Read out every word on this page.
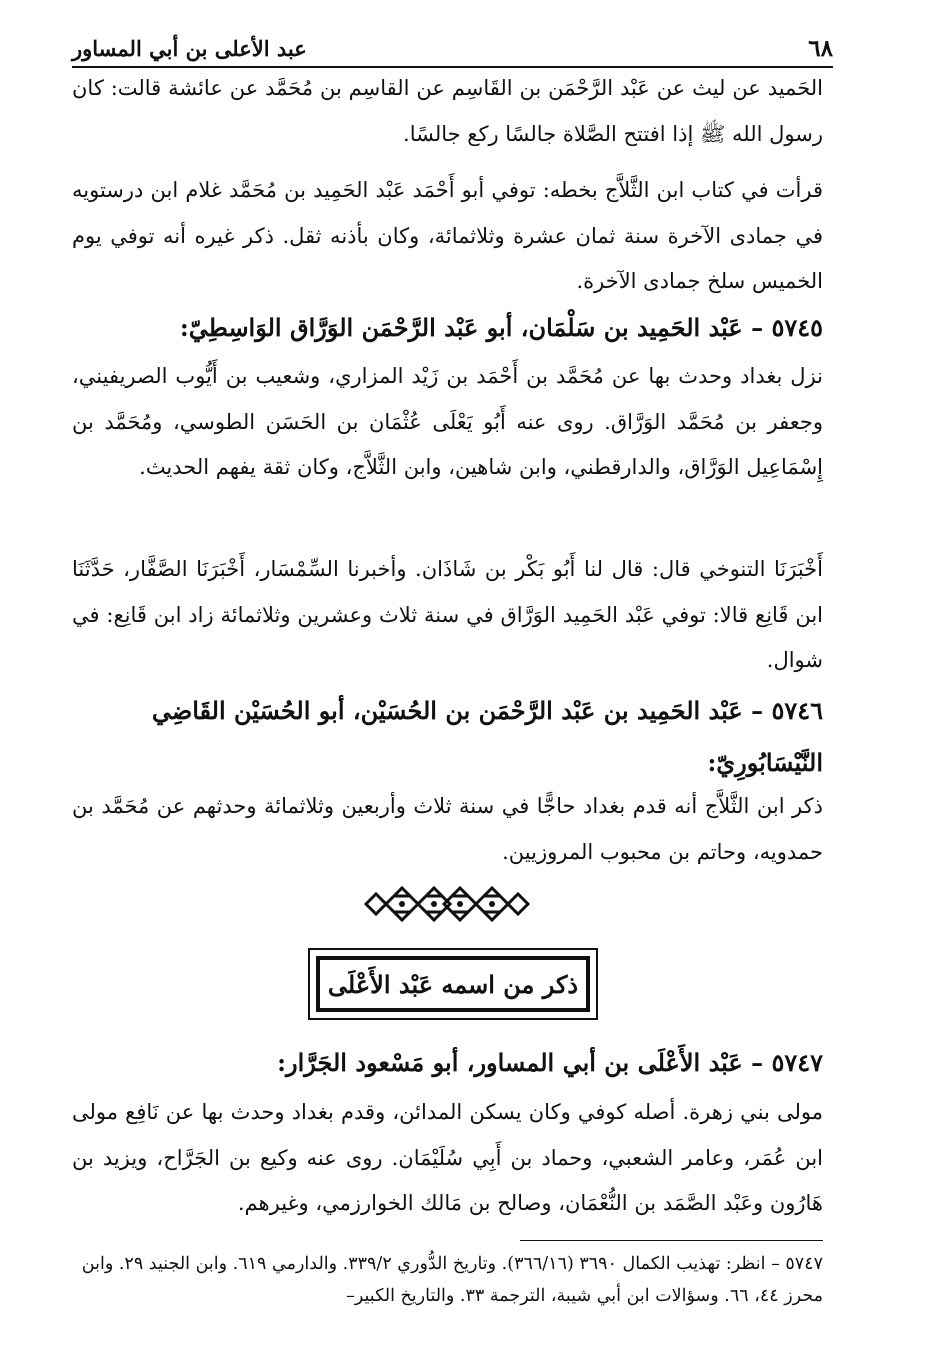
٦٨
عبد الأعلى بن أبي المساور

الحَميد عن ليث عن عَبْد الرَّحْمَن بن القَاسِم عن القاسِم بن مُحَمَّد عن عائشة قالت: كان رسول الله ﷺ إذا افتتح الصَّلاة جالسًا ركع جالسًا.

قرأت في كتاب ابن الثَّلاَّج بخطه: توفي أبو أَحْمَد عَبْد الحَمِيد بن مُحَمَّد غلام ابن درستويه في جمادى الآخرة سنة ثمان عشرة وثلاثمائة، وكان بأذنه ثقل. ذكر غيره أنه توفي يوم الخميس سلخ جمادى الآخرة.

٥٧٤٥ – عَبْد الحَمِيد بن سَلْمَان، أبو عَبْد الرَّحْمَن الوَرَّاق الوَاسِطِيّ:

نزل بغداد وحدث بها عن مُحَمَّد بن أَحْمَد بن زَيْد المزاري، وشعيب بن أَيُّوب الصريفيني، وجعفر بن مُحَمَّد الوَرَّاق. روى عنه أَبُو يَعْلَى عُثْمَان بن الحَسَن الطوسي، ومُحَمَّد بن إِسْمَاعِيل الوَرَّاق، والدارقطني، وابن شاهين، وابن الثَّلاَّج، وكان ثقة يفهم الحديث.

أَخْبَرَنَا التنوخي قال: قال لنا أَبُو بَكْر بن شَاذَان. وأخبرنا السِّمْسَار، أَخْبَرَنَا الصَّفَّار، حَدَّثَنَا ابن قَانِع قالا: توفي عَبْد الحَمِيد الوَرَّاق في سنة ثلاث وعشرين وثلاثمائة زاد ابن قَانِع: في شوال.

٥٧٤٦ – عَبْد الحَمِيد بن عَبْد الرَّحْمَن بن الحُسَيْن، أبو الحُسَيْن القَاضِي النَّيْسَابُورِيّ:

ذكر ابن الثَّلاَّج أنه قدم بغداد حاجًّا في سنة ثلاث وأربعين وثلاثمائة وحدثهم عن مُحَمَّد بن حمدويه، وحاتم بن محبوب المروزيين.

ذكر من اسمه عَبْد الأَعْلَى
٥٧٤٧ – عَبْد الأَعْلَى بن أبي المساور، أبو مَسْعود الجَرَّار:

مولى بني زهرة. أصله كوفي وكان يسكن المدائن، وقدم بغداد وحدث بها عن نَافِع مولى ابن عُمَر، وعامر الشعبي، وحماد بن أَبِي سُلَيْمَان. روى عنه وكيع بن الجَرَّاح، ويزيد بن هَارُون وعَبْد الصَّمَد بن النُّعْمَان، وصالح بن مَالك الخوارزمي، وغيرهم.

٥٧٤٧ – انظر: تهذيب الكمال ٣٦٩٠ (٣٦٦/١٦). وتاريخ الدُّوري ٣٣٩/٢. والدارمي ٦١٩. وابن الجنيد ٢٩. وابن محرز ٤٤، ٦٦. وسؤالات ابن أبي شيبة، الترجمة ٣٣. والتاريخ الكبير–
